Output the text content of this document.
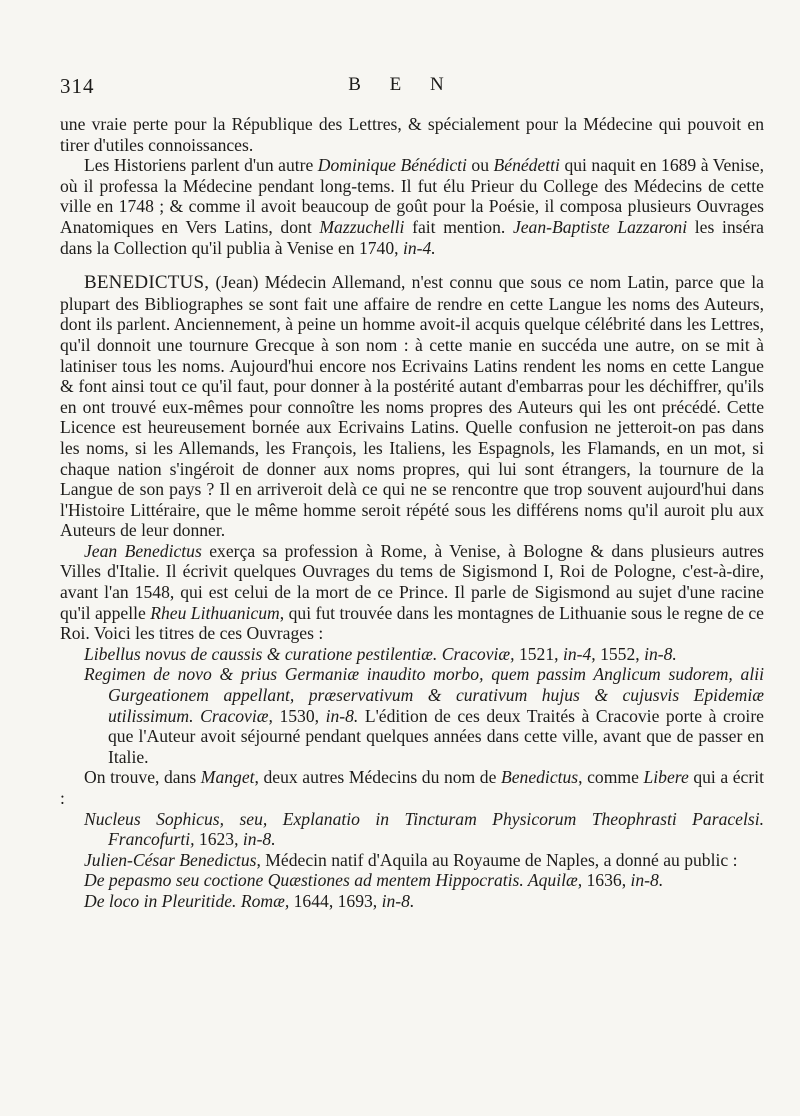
314	B E N

une vraie perte pour la République des Lettres, & spécialement pour la Médecine qui pouvoit en tirer d'utiles connoissances.

Les Historiens parlent d'un autre Dominique Bénédicti ou Bénédetti qui naquit en 1689 à Venise, où il professa la Médecine pendant long-tems. Il fut élu Prieur du College des Médecins de cette ville en 1748 ; & comme il avoit beaucoup de goût pour la Poésie, il composa plusieurs Ouvrages Anatomiques en Vers Latins, dont Mazzuchelli fait mention. Jean-Baptiste Lazzaroni les inséra dans la Collection qu'il publia à Venise en 1740, in-4.

BENEDICTUS, (Jean) Médecin Allemand, n'est connu que sous ce nom Latin, parce que la plupart des Bibliographes se sont fait une affaire de rendre en cette Langue les noms des Auteurs, dont ils parlent. Anciennement, à peine un homme avoit-il acquis quelque célébrité dans les Lettres, qu'il donnoit une tournure Grecque à son nom : à cette manie en succéda une autre, on se mit à latiniser tous les noms. Aujourd'hui encore nos Ecrivains Latins rendent les noms en cette Langue & font ainsi tout ce qu'il faut, pour donner à la postérité autant d'embarras pour les déchiffrer, qu'ils en ont trouvé eux-mêmes pour connoître les noms propres des Auteurs qui les ont précédé. Cette Licence est heureusement bornée aux Ecrivains Latins. Quelle confusion ne jetteroit-on pas dans les noms, si les Allemands, les François, les Italiens, les Espagnols, les Flamands, en un mot, si chaque nation s'ingéroit de donner aux noms propres, qui lui sont étrangers, la tournure de la Langue de son pays ? Il en arriveroit delà ce qui ne se rencontre que trop souvent aujourd'hui dans l'Histoire Littéraire, que le même homme seroit répété sous les différens noms qu'il auroit plu aux Auteurs de leur donner.

Jean Benedictus exerça sa profession à Rome, à Venise, à Bologne & dans plusieurs autres Villes d'Italie. Il écrivit quelques Ouvrages du tems de Sigismond I, Roi de Pologne, c'est-à-dire, avant l'an 1548, qui est celui de la mort de ce Prince. Il parle de Sigismond au sujet d'une racine qu'il appelle Rheu Lithuanicum, qui fut trouvée dans les montagnes de Lithuanie sous le regne de ce Roi. Voici les titres de ces Ouvrages :

Libellus novus de caussis & curatione pestilentiæ. Cracoviæ, 1521, in-4, 1552, in-8.

Regimen de novo & prius Germaniæ inaudito morbo, quem passim Anglicum sudorem, alii Gurgeationem appellant, præservativum & curativum hujus & cujusvis Epidemiæ utilissimum. Cracoviæ, 1530, in-8. L'édition de ces deux Traités à Cracovie porte à croire que l'Auteur avoit séjourné pendant quelques années dans cette ville, avant que de passer en Italie.

On trouve, dans Manget, deux autres Médecins du nom de Benedictus, comme Libere qui a écrit :

Nucleus Sophicus, seu, Explanatio in Tincturam Physicorum Theophrasti Paracelsi. Francofurti, 1623, in-8.

Julien-César Benedictus, Médecin natif d'Aquila au Royaume de Naples, a donné au public :

De pepasmo seu coctione Quæstiones ad mentem Hippocratis. Aquilæ, 1636, in-8.

De loco in Pleuritide. Romæ, 1644, 1693, in-8.
